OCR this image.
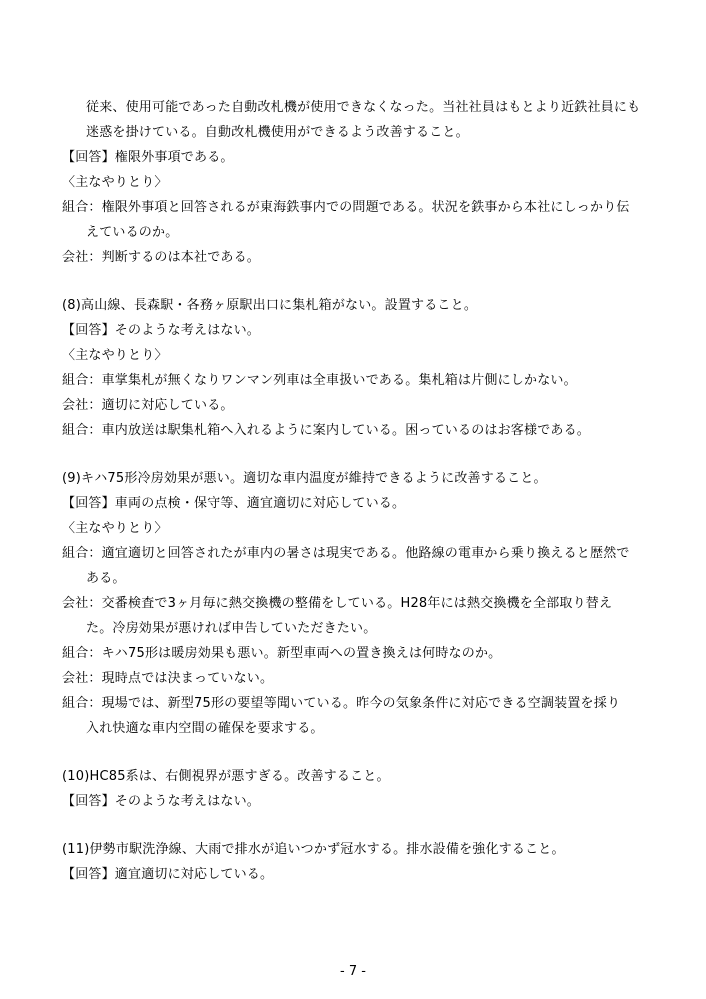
従来、使用可能であった自動改札機が使用できなくなった。当社社員はもとより近鉄社員にも
迷惑を掛けている。自動改札機使用ができるよう改善すること。
【回答】権限外事項である。
〈主なやりとり〉
組合：権限外事項と回答されるが東海鉄事内での問題である。状況を鉄事から本社にしっかり伝
えているのか。
会社：判断するのは本社である。
(8)高山線、長森駅・各務ヶ原駅出口に集札箱がない。設置すること。
【回答】そのような考えはない。
〈主なやりとり〉
組合：車掌集札が無くなりワンマン列車は全車扱いである。集札箱は片側にしかない。
会社：適切に対応している。
組合：車内放送は駅集札箱へ入れるように案内している。困っているのはお客様である。
(9)キハ75形冷房効果が悪い。適切な車内温度が維持できるように改善すること。
【回答】車両の点検・保守等、適宜適切に対応している。
〈主なやりとり〉
組合：適宜適切と回答されたが車内の暑さは現実である。他路線の電車から乗り換えると歴然で
ある。
会社：交番検査で3ヶ月毎に熱交換機の整備をしている。H28年には熱交換機を全部取り替え
た。冷房効果が悪ければ申告していただきたい。
組合：キハ75形は暖房効果も悪い。新型車両への置き換えは何時なのか。
会社：現時点では決まっていない。
組合：現場では、新型75形の要望等聞いている。昨今の気象条件に対応できる空調装置を採り
入れ快適な車内空間の確保を要求する。
(10)HC85系は、右側視界が悪すぎる。改善すること。
【回答】そのような考えはない。
(11)伊勢市駅洗浄線、大雨で排水が追いつかず冠水する。排水設備を強化すること。
【回答】適宜適切に対応している。
- 7 -
